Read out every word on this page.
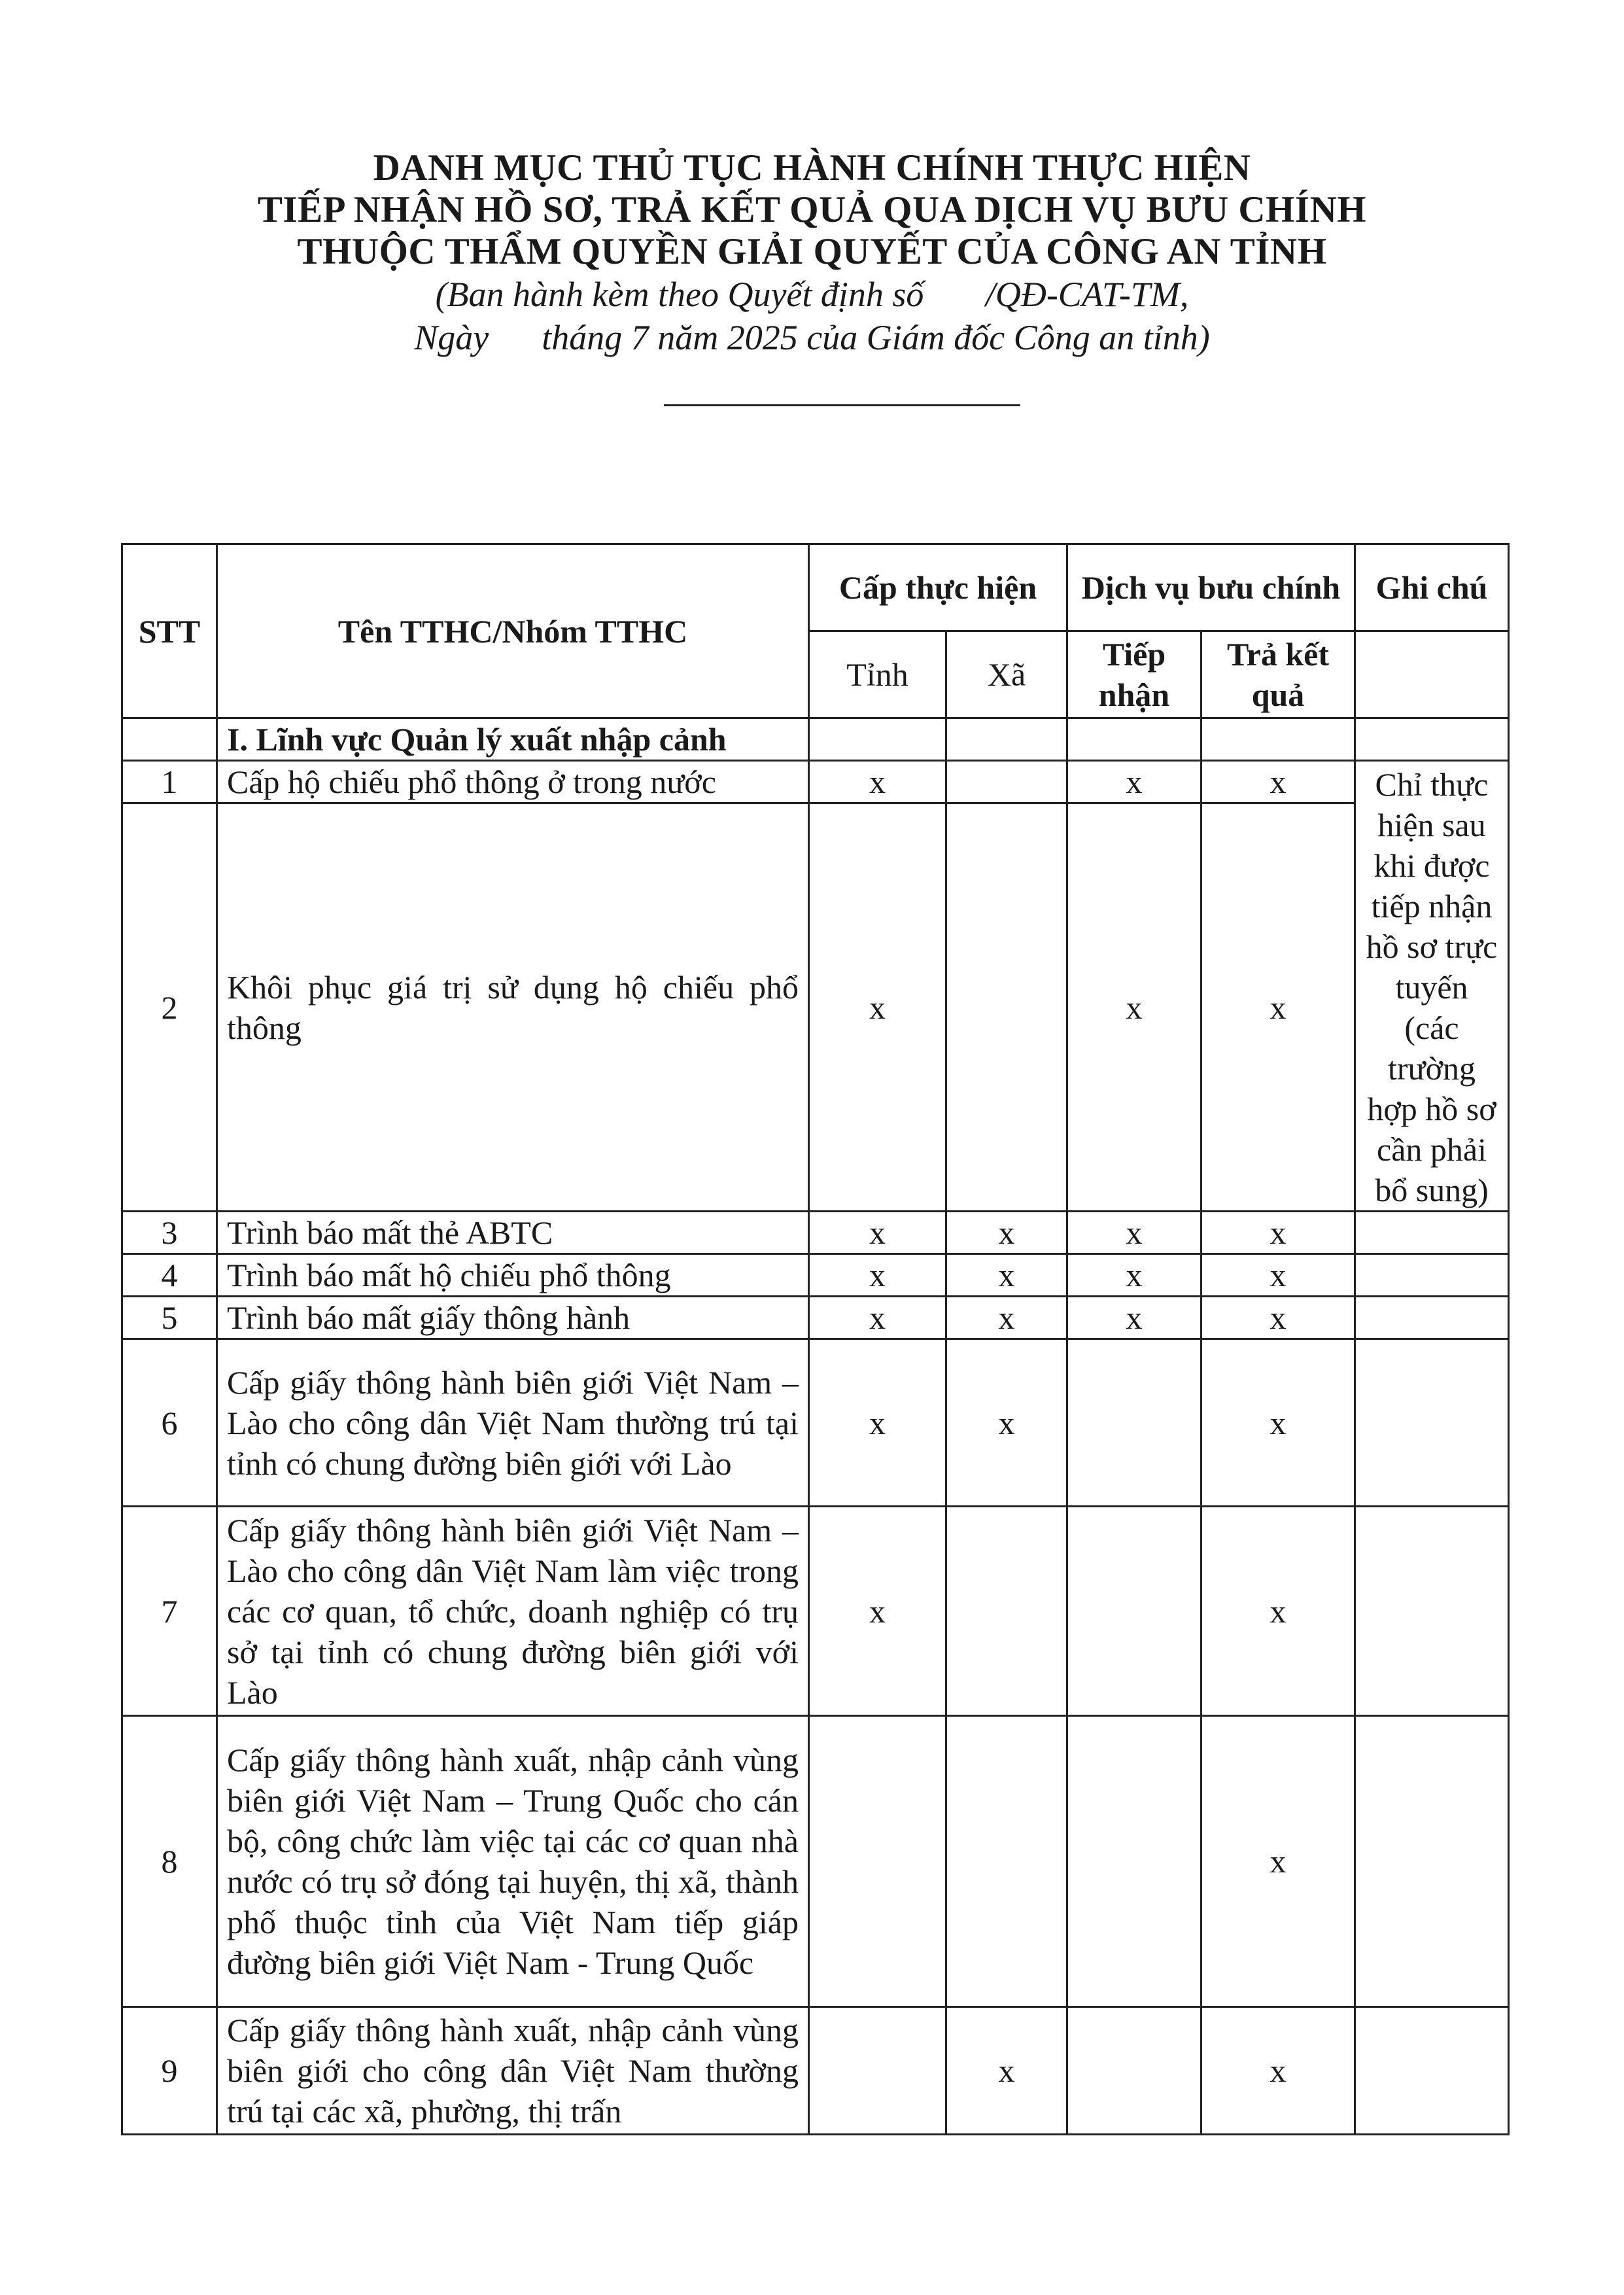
DANH MỤC THỦ TỤC HÀNH CHÍNH THỰC HIỆN
TIẾP NHẬN HỒ SƠ, TRẢ KẾT QUẢ QUA DỊCH VỤ BƯU CHÍNH
THUỘC THẨM QUYỀN GIẢI QUYẾT CỦA CÔNG AN TỈNH
(Ban hành kèm theo Quyết định số       /QĐ-CAT-TM,
Ngày      tháng 7 năm 2025 của Giám đốc Công an tỉnh)
STT	Tên TTHC/Nhóm TTHC	Cấp thực hiện		Dịch vụ bưu chính		Ghi chú
		Tỉnh	Xã	Tiếp nhận	Trả kết quả	
	I. Lĩnh vực Quản lý xuất nhập cảnh					
1	Cấp hộ chiếu phổ thông ở trong nước	x		x	x	Chỉ thực hiện sau khi được tiếp nhận hồ sơ trực tuyến (các trường hợp hồ sơ cần phải bổ sung)
2	Khôi phục giá trị sử dụng hộ chiếu phổ thông	x		x	x	
3	Trình báo mất thẻ ABTC	x	x	x	x	
4	Trình báo mất hộ chiếu phổ thông	x	x	x	x	
5	Trình báo mất giấy thông hành	x	x	x	x	
6	Cấp giấy thông hành biên giới Việt Nam – Lào cho công dân Việt Nam thường trú tại tỉnh có chung đường biên giới với Lào	x	x		x	
7	Cấp giấy thông hành biên giới Việt Nam – Lào cho công dân Việt Nam làm việc trong các cơ quan, tổ chức, doanh nghiệp có trụ sở tại tỉnh có chung đường biên giới với Lào	x			x	
8	Cấp giấy thông hành xuất, nhập cảnh vùng biên giới Việt Nam – Trung Quốc cho cán bộ, công chức làm việc tại các cơ quan nhà nước có trụ sở đóng tại huyện, thị xã, thành phố thuộc tỉnh của Việt Nam tiếp giáp đường biên giới Việt Nam - Trung Quốc				x	
9	Cấp giấy thông hành xuất, nhập cảnh vùng biên giới cho công dân Việt Nam thường trú tại các xã, phường, thị trấn		x		x	
